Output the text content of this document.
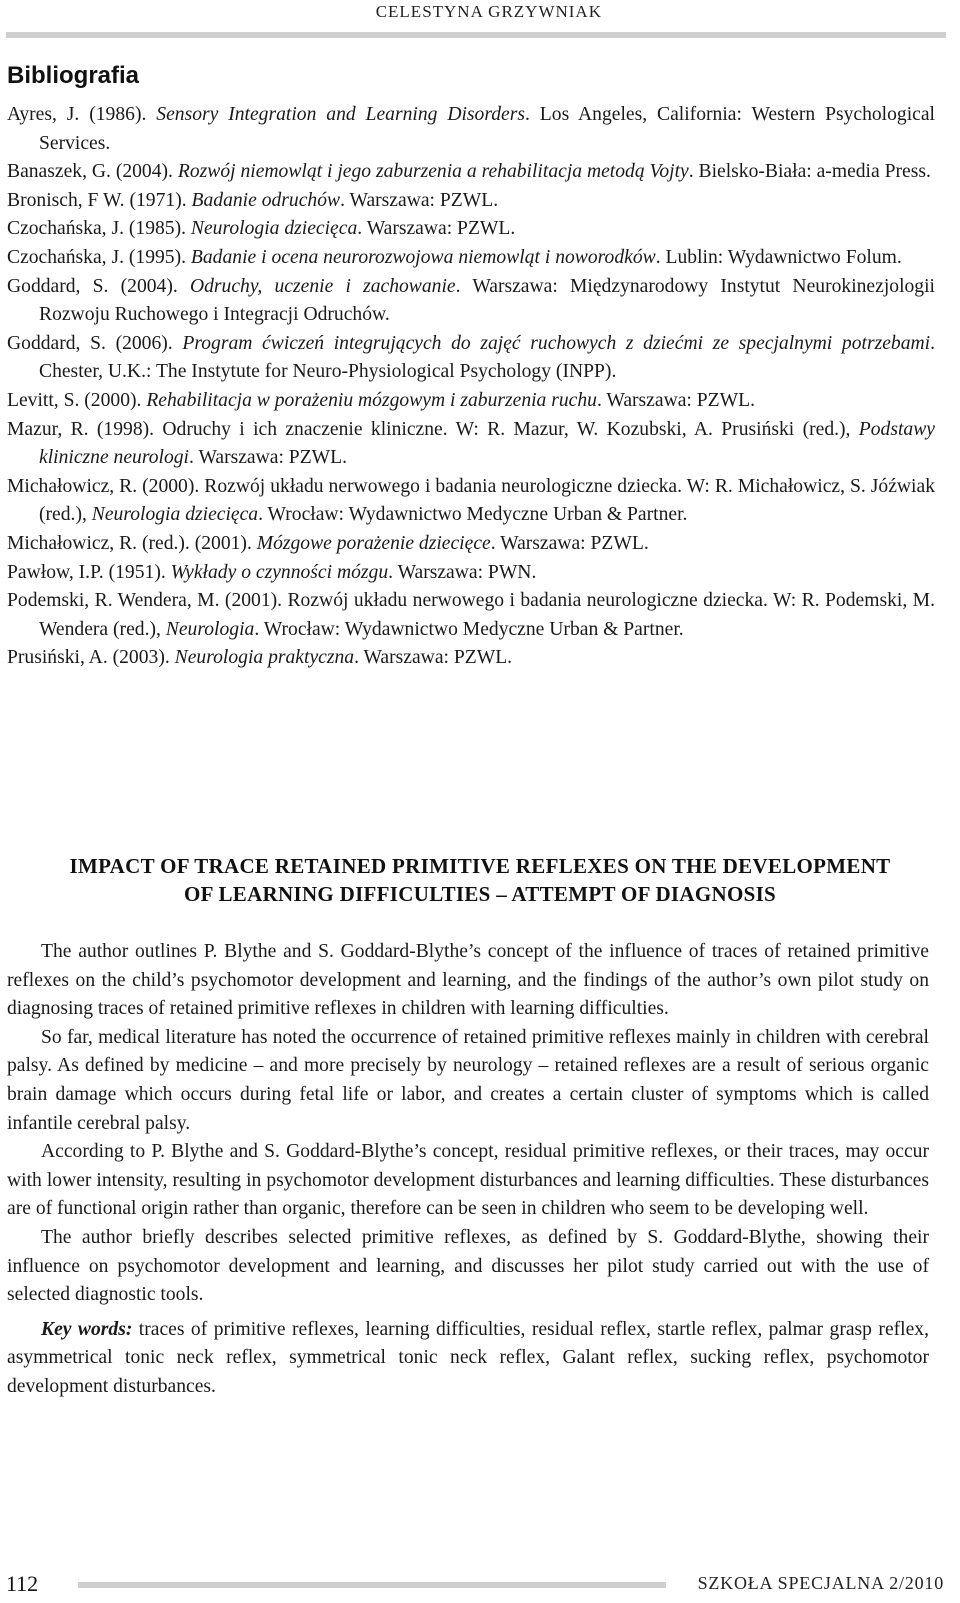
CELESTYNA GRZYWNIAK
Bibliografia
Ayres, J. (1986). Sensory Integration and Learning Disorders. Los Angeles, California: Western Psychological Services.
Banaszek, G. (2004). Rozwój niemowląt i jego zaburzenia a rehabilitacja metodą Vojty. Bielsko-Biała: a-media Press.
Bronisch, F W. (1971). Badanie odruchów. Warszawa: PZWL.
Czochańska, J. (1985). Neurologia dziecięca. Warszawa: PZWL.
Czochańska, J. (1995). Badanie i ocena neurorozwojowa niemowląt i noworodków. Lublin: Wydawnictwo Folum.
Goddard, S. (2004). Odruchy, uczenie i zachowanie. Warszawa: Międzynarodowy Instytut Neurokinezjologii Rozwoju Ruchowego i Integracji Odruchów.
Goddard, S. (2006). Program ćwiczeń integrujących do zajęć ruchowych z dziećmi ze specjalnymi potrzebami. Chester, U.K.: The Instytute for Neuro-Physiological Psychology (INPP).
Levitt, S. (2000). Rehabilitacja w porażeniu mózgowym i zaburzenia ruchu. Warszawa: PZWL.
Mazur, R. (1998). Odruchy i ich znaczenie kliniczne. W: R. Mazur, W. Kozubski, A. Prusiński (red.), Podstawy kliniczne neurologi. Warszawa: PZWL.
Michałowicz, R. (2000). Rozwój układu nerwowego i badania neurologiczne dziecka. W: R. Michałowicz, S. Jóźwiak (red.), Neurologia dziecięca. Wrocław: Wydawnictwo Medyczne Urban & Partner.
Michałowicz, R. (red.). (2001). Mózgowe porażenie dziecięce. Warszawa: PZWL.
Pawłow, I.P. (1951). Wykłady o czynności mózgu. Warszawa: PWN.
Podemski, R. Wendera, M. (2001). Rozwój układu nerwowego i badania neurologiczne dziecka. W: R. Podemski, M. Wendera (red.), Neurologia. Wrocław: Wydawnictwo Medyczne Urban & Partner.
Prusiński, A. (2003). Neurologia praktyczna. Warszawa: PZWL.
IMPACT OF TRACE RETAINED PRIMITIVE REFLEXES ON THE DEVELOPMENT
OF LEARNING DIFFICULTIES – ATTEMPT OF DIAGNOSIS

The author outlines P. Blythe and S. Goddard-Blythe’s concept of the influence of traces of retained primitive reflexes on the child’s psychomotor development and learning, and the findings of the author’s own pilot study on diagnosing traces of retained primitive reflexes in children with learning difficulties.

So far, medical literature has noted the occurrence of retained primitive reflexes mainly in children with cerebral palsy. As defined by medicine – and more precisely by neurology – retained reflexes are a result of serious organic brain damage which occurs during fetal life or labor, and creates a certain cluster of symptoms which is called infantile cerebral palsy.

According to P. Blythe and S. Goddard-Blythe’s concept, residual primitive reflexes, or their traces, may occur with lower intensity, resulting in psychomotor development disturbances and learning difficulties. These disturbances are of functional origin rather than organic, therefore can be seen in children who seem to be developing well.

The author briefly describes selected primitive reflexes, as defined by S. Goddard-Blythe, showing their influence on psychomotor development and learning, and discusses her pilot study carried out with the use of selected diagnostic tools.

Key words: traces of primitive reflexes, learning difficulties, residual reflex, startle reflex, palmar grasp reflex, asymmetrical tonic neck reflex, symmetrical tonic neck reflex, Galant reflex, sucking reflex, psychomotor development disturbances.

112	SZKOŁA SPECJALNA 2/2010
